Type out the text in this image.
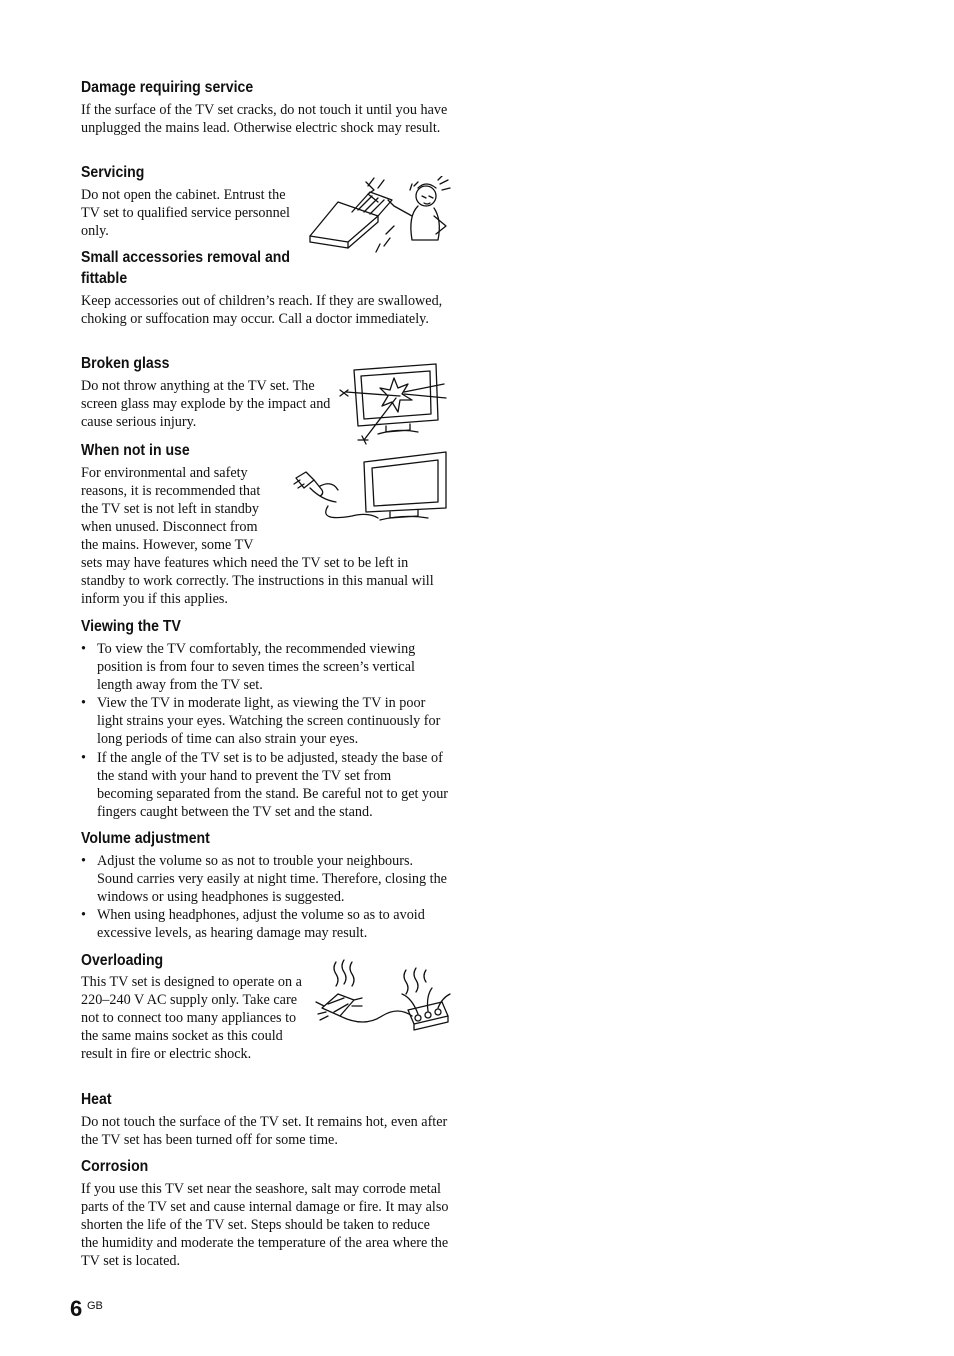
Damage requiring service

If the surface of the TV set cracks, do not touch it until you have unplugged the mains lead. Otherwise electric shock may result.

Servicing

Do not open the cabinet. Entrust the TV set to qualified service personnel only.

Small accessories removal and
fittable

Keep accessories out of children’s reach. If they are swallowed, choking or suffocation may occur. Call a doctor immediately.

Broken glass

Do not throw anything at the TV set. The screen glass may explode by the impact and cause serious injury.

When not in use
For environmental and safety
reasons, it is recommended that
the TV set is not left in standby
when unused. Disconnect from
the mains. However, some TV

sets may have features which need the TV set to be left in standby to work correctly. The instructions in this manual will inform you if this applies.

Viewing the TV
• To view the TV comfortably, the recommended viewing position is from four to seven times the screen’s vertical length away from the TV set.
• View the TV in moderate light, as viewing the TV in poor light strains your eyes. Watching the screen continuously for long periods of time can also strain your eyes.
• If the angle of the TV set is to be adjusted, steady the base of the stand with your hand to prevent the TV set from becoming separated from the stand. Be careful not to get your fingers caught between the TV set and the stand.
Volume adjustment
• Adjust the volume so as not to trouble your neighbours. Sound carries very easily at night time. Therefore, closing the windows or using headphones is suggested.
• When using headphones, adjust the volume so as to avoid excessive levels, as hearing damage may result.
Overloading

This TV set is designed to operate on a 220–240 V AC supply only. Take care not to connect too many appliances to the same mains socket as this could result in fire or electric shock.

Heat

Do not touch the surface of the TV set. It remains hot, even after the TV set has been turned off for some time.

Corrosion

If you use this TV set near the seashore, salt may corrode metal parts of the TV set and cause internal damage or fire. It may also shorten the life of the TV set. Steps should be taken to reduce the humidity and moderate the temperature of the area where the TV set is located.

6 GB
